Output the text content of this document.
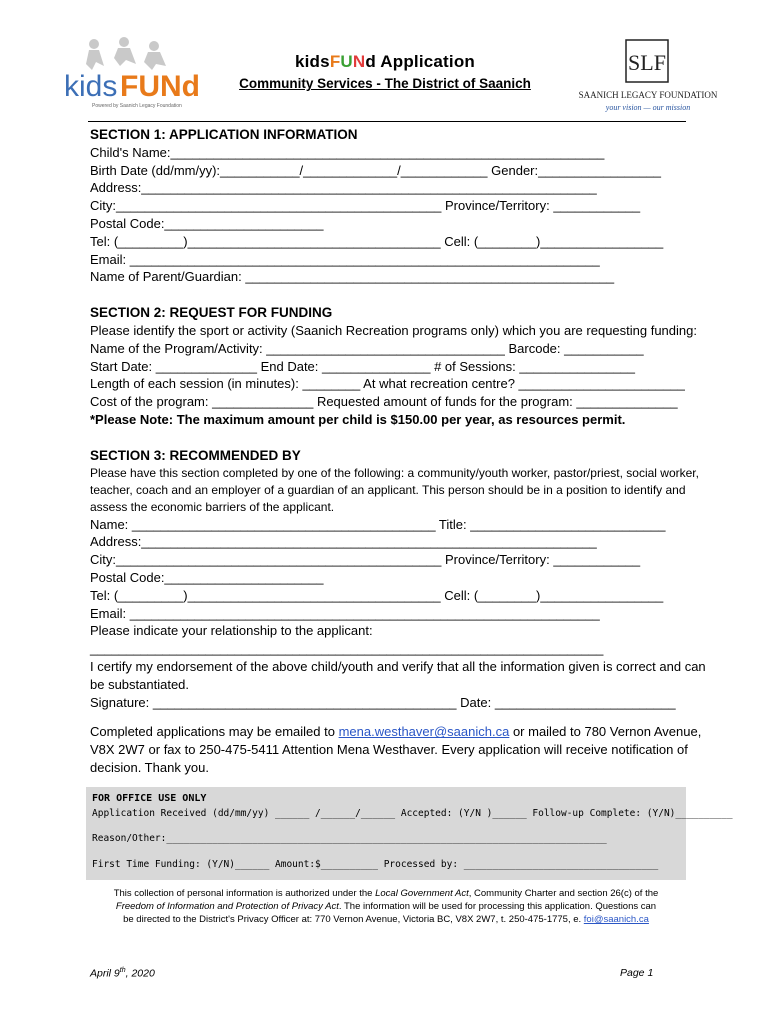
kids FUNd
Powered by Saanich Legacy Foundation
kidsFUNd Application
Community Services - The District of Saanich
SLF
SAANICH LEGACY FOUNDATION
your vision — our mission
SECTION 1: APPLICATION INFORMATION
Child's Name:____________________________________________________________
Birth Date (dd/mm/yy):___________/_____________/____________ Gender:_________________
Address:_______________________________________________________________
City:_____________________________________________ Province/Territory: ____________
Postal Code:______________________
Tel: (_________)___________________________________ Cell: (________)_________________
Email: _________________________________________________________________
Name of Parent/Guardian: ___________________________________________________
SECTION 2: REQUEST FOR FUNDING
Please identify the sport or activity (Saanich Recreation programs only) which you are requesting funding:
Name of the Program/Activity: _________________________________ Barcode: ___________
Start Date: ______________ End Date: _______________ # of Sessions: ________________
Length of each session (in minutes): ________ At what recreation centre? _______________________
Cost of the program: ______________ Requested amount of funds for the program: ______________
*Please Note: The maximum amount per child is $150.00 per year, as resources permit.
SECTION 3: RECOMMENDED BY
Please have this section completed by one of the following: a community/youth worker, pastor/priest, social worker,
teacher, coach and an employer of a guardian of an applicant. This person should be in a position to identify and
assess the economic barriers of the applicant.
Name: __________________________________________ Title: ___________________________
Address:_______________________________________________________________
City:_____________________________________________ Province/Territory: ____________
Postal Code:______________________
Tel: (_________)___________________________________ Cell: (________)_________________
Email: _________________________________________________________________
Please indicate your relationship to the applicant:
_______________________________________________________________________
I certify my endorsement of the above child/youth and verify that all the information given is correct and can
be substantiated.
Signature: __________________________________________ Date: _________________________
Completed applications may be emailed to mena.westhaver@saanich.ca or mailed to 780 Vernon Avenue,
V8X 2W7 or fax to 250-475-5411 Attention Mena Westhaver. Every application will receive notification of
decision. Thank you.
FOR OFFICE USE ONLY
Application Received (dd/mm/yy) ______ /______/______ Accepted: (Y/N )______ Follow-up Complete: (Y/N)__________
Reason/Other:_____________________________________________________________________________
First Time Funding: (Y/N)______ Amount:$__________ Processed by: __________________________________
This collection of personal information is authorized under the Local Government Act, Community Charter and section 26(c) of the
Freedom of Information and Protection of Privacy Act. The information will be used for processing this application. Questions can
be directed to the District's Privacy Officer at: 770 Vernon Avenue, Victoria BC, V8X 2W7, t. 250-475-1775, e. foi@saanich.ca
April 9th, 2020	Page 1
